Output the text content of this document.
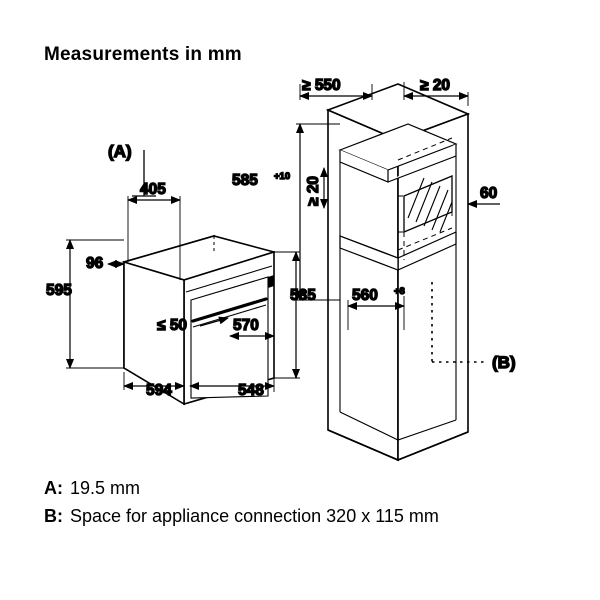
Measurements in mm
(A)
405
96
595
≤ 50	570
594	548
535
≥ 550	≥ 20
585 +10 ≥ 20	60
560 +8
(B)
A: 19.5 mm
B: Space for appliance connection 320 x 115 mm
